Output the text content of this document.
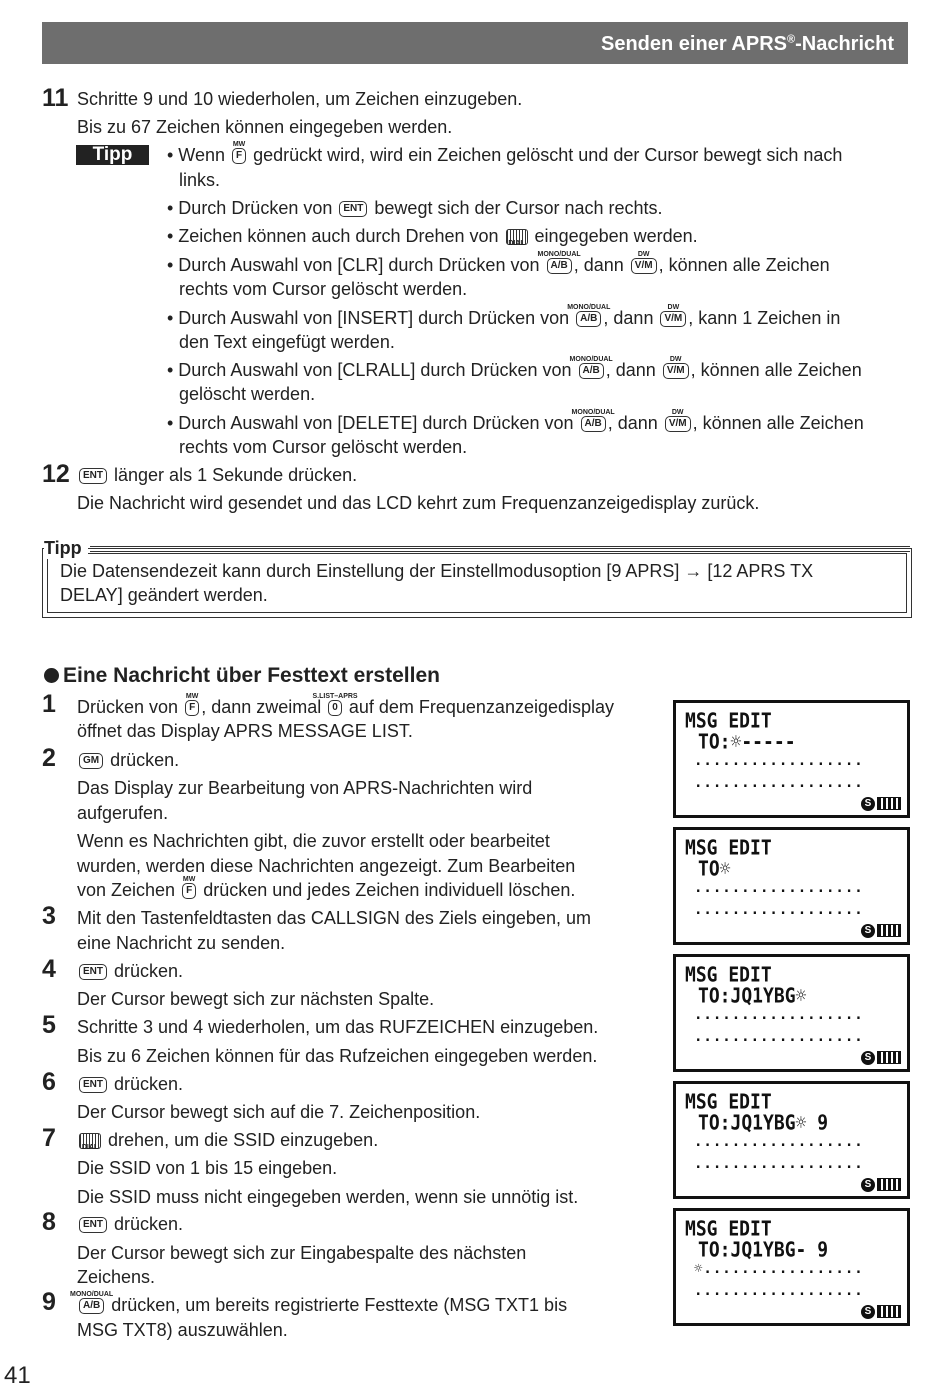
Senden einer APRS®-Nachricht
11 Schritte 9 und 10 wiederholen, um Zeichen einzugeben.
Bis zu 67 Zeichen können eingegeben werden.
Tipp	• Wenn
MW
F gedrückt wird, wird ein Zeichen gelöscht und der Cursor bewegt sich nach
links.
• Durch Drücken von ENT bewegt sich der Cursor nach rechts.
• Zeichen können auch durch Drehen von DIAL eingegeben werden.
• Durch Auswahl von [CLR] durch Drücken von
MONO/DUAL
A/B , dann
DW
V/M , können alle Zeichen
rechts vom Cursor gelöscht werden.
• Durch Auswahl von [INSERT] durch Drücken von
MONO/DUAL
A/B , dann
DW
V/M , kann 1 Zeichen in
den Text eingefügt werden.
• Durch Auswahl von [CLRALL] durch Drücken von
MONO/DUAL
A/B , dann
DW
V/M , können alle Zeichen
gelöscht werden.
• Durch Auswahl von [DELETE] durch Drücken von
MONO/DUAL
A/B , dann
DW
V/M , können alle Zeichen
rechts vom Cursor gelöscht werden.
12	ENT länger als 1 Sekunde drücken.
Die Nachricht wird gesendet und das LCD kehrt zum Frequenzanzeigedisplay zurück.
Tipp
Die Datensendezeit kann durch Einstellung der Einstellmodusoption [9 APRS] → [12 APRS TX
DELAY] geändert werden.
Eine Nachricht über Festtext erstellen
1 Drücken von
MW
F , dann zweimal
S.LIST–APRS
0 auf dem Frequenzanzeigedisplay
öffnet das Display APRS MESSAGE LIST.
2	GM drücken.
Das Display zur Bearbeitung von APRS-Nachrichten wird
aufgerufen.
Wenn es Nachrichten gibt, die zuvor erstellt oder bearbeitet
wurden, werden diese Nachrichten angezeigt. Zum Bearbeiten
von Zeichen
MW
F drücken und jedes Zeichen individuell löschen.
3 Mit den Tastenfeldtasten das CALLSIGN des Ziels eingeben, um
eine Nachricht zu senden.
4	ENT drücken.
Der Cursor bewegt sich zur nächsten Spalte.
5 Schritte 3 und 4 wiederholen, um das RUFZEICHEN einzugeben.
Bis zu 6 Zeichen können für das Rufzeichen eingegeben werden.
6	ENT drücken.
Der Cursor bewegt sich auf die 7. Zeichenposition.
7	DIAL drehen, um die SSID einzugeben.
Die SSID von 1 bis 15 eingeben.
Die SSID muss nicht eingegeben werden, wenn sie unnötig ist.
8	ENT drücken.
Der Cursor bewegt sich zur Eingabespalte des nächsten
Zeichens.
9 MONO/DUAL
A/B drücken, um bereits registrierte Festtexte (MSG TXT1 bis
MSG TXT8) auszuwählen.
MSG EDIT
TO:☼-----
..................
..................
S
MSG EDIT
TO☼
..................
..................
S
MSG EDIT
TO:JQ1YBG☼
..................
..................
S
MSG EDIT
TO:JQ1YBG☼ 9
..................
..................
S
MSG EDIT
TO:JQ1YBG- 9
☼.................
..................
S
41
